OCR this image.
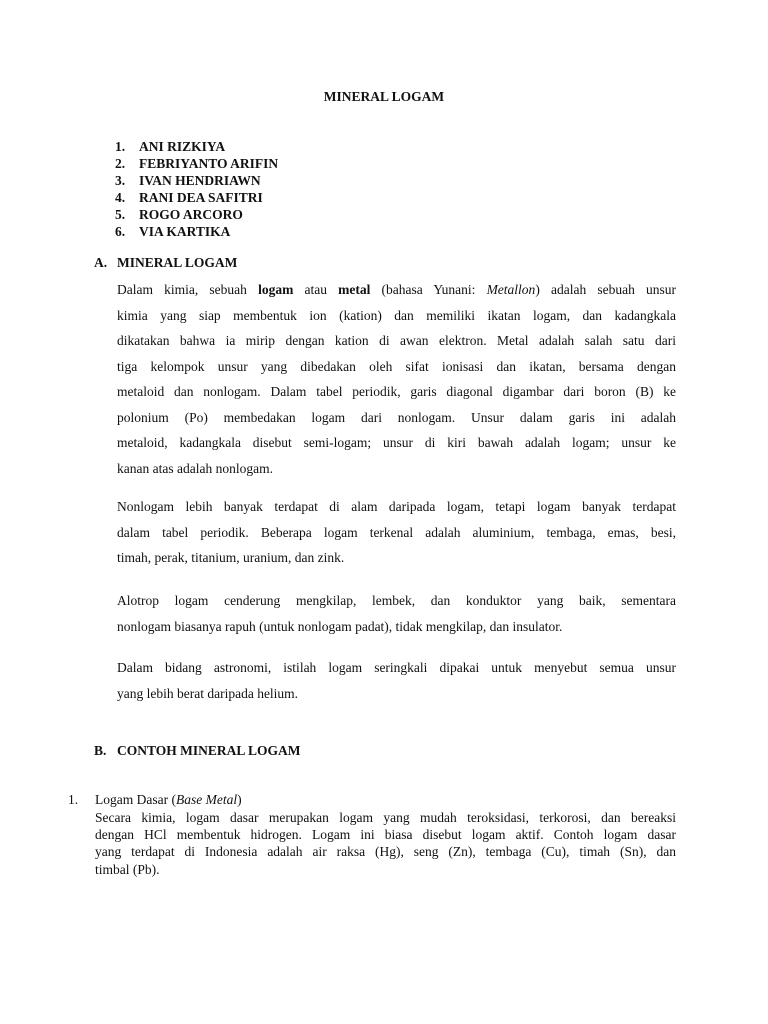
MINERAL LOGAM
1. ANI RIZKIYA
2. FEBRIYANTO ARIFIN
3. IVAN HENDRIAWN
4. RANI DEA SAFITRI
5. ROGO ARCORO
6. VIA KARTIKA
A. MINERAL LOGAM
Dalam kimia, sebuah logam atau metal (bahasa Yunani: Metallon) adalah sebuah unsur
kimia yang siap membentuk ion (kation) dan memiliki ikatan logam, dan kadangkala
dikatakan bahwa ia mirip dengan kation di awan elektron. Metal adalah salah satu dari
tiga kelompok unsur yang dibedakan oleh sifat ionisasi dan ikatan, bersama dengan
metaloid dan nonlogam. Dalam tabel periodik, garis diagonal digambar dari boron (B) ke
polonium (Po) membedakan logam dari nonlogam. Unsur dalam garis ini adalah
metaloid, kadangkala disebut semi-logam; unsur di kiri bawah adalah logam; unsur ke
kanan atas adalah nonlogam.
Nonlogam lebih banyak terdapat di alam daripada logam, tetapi logam banyak terdapat
dalam tabel periodik. Beberapa logam terkenal adalah aluminium, tembaga, emas, besi,
timah, perak, titanium, uranium, dan zink.
Alotrop logam cenderung mengkilap, lembek, dan konduktor yang baik, sementara
nonlogam biasanya rapuh (untuk nonlogam padat), tidak mengkilap, dan insulator.
Dalam bidang astronomi, istilah logam seringkali dipakai untuk menyebut semua unsur
yang lebih berat daripada helium.
B. CONTOH MINERAL LOGAM
1. Logam Dasar (Base Metal)
Secara kimia, logam dasar merupakan logam yang mudah teroksidasi, terkorosi, dan bereaksi
dengan HCl membentuk hidrogen. Logam ini biasa disebut logam aktif. Contoh logam dasar
yang terdapat di Indonesia adalah air raksa (Hg), seng (Zn), tembaga (Cu), timah (Sn), dan
timbal (Pb).
